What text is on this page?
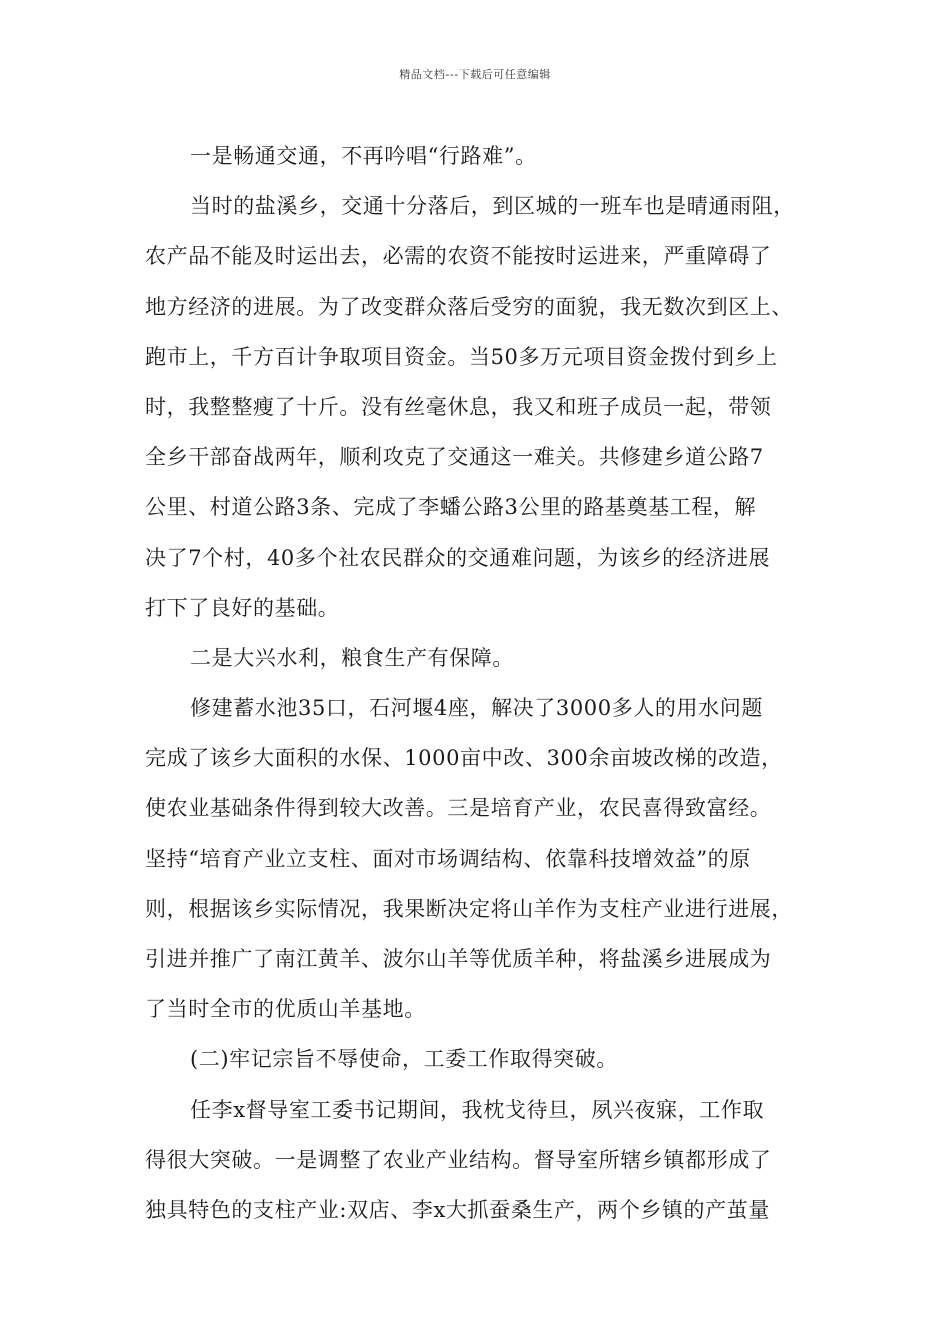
精品文档---下载后可任意编辑
一是畅通交通，不再吟唱“行路难”。
当时的盐溪乡，交通十分落后，到区城的一班车也是晴通雨阻，
农产品不能及时运出去，必需的农资不能按时运进来，严重障碍了
地方经济的进展。为了改变群众落后受穷的面貌，我无数次到区上、
跑市上，千方百计争取项目资金。当50多万元项目资金拨付到乡上
时，我整整瘦了十斤。没有丝毫休息，我又和班子成员一起，带领
全乡干部奋战两年，顺利攻克了交通这一难关。共修建乡道公路7
公里、村道公路3条、完成了李蟠公路3公里的路基奠基工程，解
决了7个村，40多个社农民群众的交通难问题，为该乡的经济进展
打下了良好的基础。
二是大兴水利，粮食生产有保障。
修建蓄水池35口，石河堰4座，解决了3000多人的用水问题
完成了该乡大面积的水保、1000亩中改、300余亩坡改梯的改造，
使农业基础条件得到较大改善。三是培育产业，农民喜得致富经。
坚持“培育产业立支柱、面对市场调结构、依靠科技增效益”的原
则，根据该乡实际情况，我果断决定将山羊作为支柱产业进行进展，
引进并推广了南江黄羊、波尔山羊等优质羊种，将盐溪乡进展成为
了当时全市的优质山羊基地。
(二)牢记宗旨不辱使命，工委工作取得突破。
任李x督导室工委书记期间，我枕戈待旦，夙兴夜寐，工作取
得很大突破。一是调整了农业产业结构。督导室所辖乡镇都形成了
独具特色的支柱产业:双店、李x大抓蚕桑生产，两个乡镇的产茧量
